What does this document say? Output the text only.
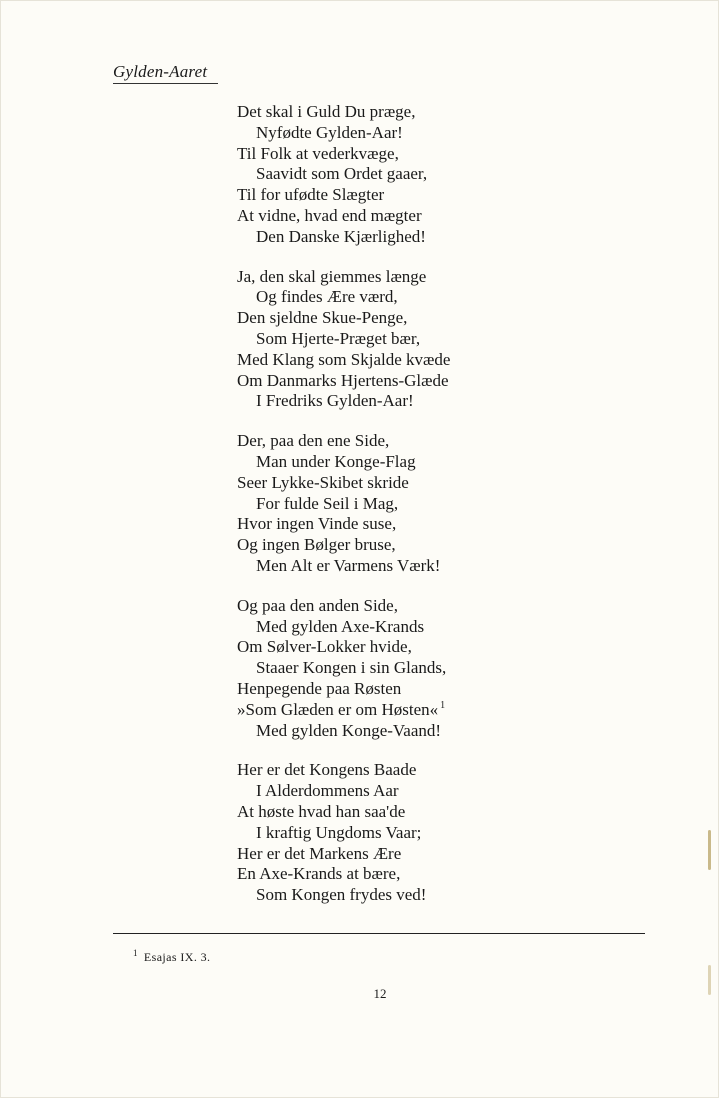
Gylden-Aaret
Det skal i Guld Du præge,
Nyfødte Gylden-Aar!
Til Folk at vederkvæge,
Saavidt som Ordet gaaer,
Til for ufødte Slægter
At vidne, hvad end mægter
Den Danske Kjærlighed!
Ja, den skal giemmes længe
Og findes Ære værd,
Den sjeldne Skue-Penge,
Som Hjerte-Præget bær,
Med Klang som Skjalde kvæde
Om Danmarks Hjertens-Glæde
I Fredriks Gylden-Aar!
Der, paa den ene Side,
Man under Konge-Flag
Seer Lykke-Skibet skride
For fulde Seil i Mag,
Hvor ingen Vinde suse,
Og ingen Bølger bruse,
Men Alt er Varmens Værk!
Og paa den anden Side,
Med gylden Axe-Krands
Om Sølver-Lokker hvide,
Staaer Kongen i sin Glands,
Henpegende paa Røsten
»Som Glæden er om Høsten« $^1$
Med gylden Konge-Vaand!
Her er det Kongens Baade
I Alderdommens Aar
At høste hvad han saa'de
I kraftig Ungdoms Vaar;
Her er det Markens Ære
En Axe-Krands at bære,
Som Kongen frydes ved!
$^1$ Esajas IX. 3.
12
